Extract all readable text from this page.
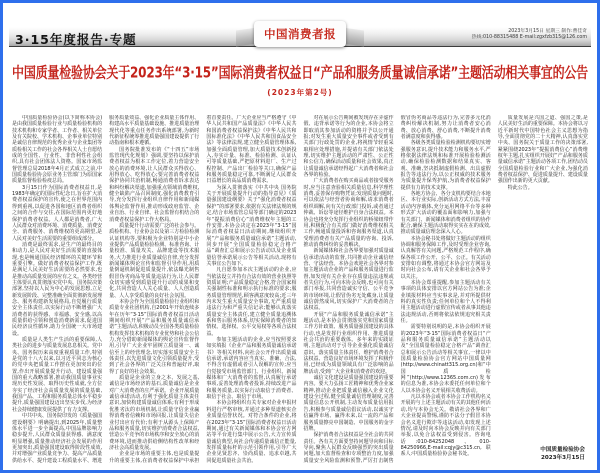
3·15年度报告·专题
2023年3月15日 星期三 制作:曹佳奇
热线:010-88315488 E-mail:zgxfzb315@126.com
中国消费者报
中国质量检验协会关于2023年“3·15”国际消费者权益日“产品和服务质量诚信承诺”主题活动相关事宜的公告
(2023年第2号)

中国质量检验协会(以下简称本协会)是由我国质量检验行业与质量检验机构的技术机构和专家学者、工作者、相关单位及有关院校、学术机构、企事业单位特别是诚信自律规范的优秀企业与企业集团等质检相关工作的社会各界相关人士自愿结成的全国性、行业性、非营利性社会组织,具有社会团体法人资格。国家市场监督管理总局2018年4月正式成立之前,中国质量检验协会原业务主管部门为原国家质量监督检验检疫总局。

3月15日作为国际消费者权益日,是1983年确定的国际性纪念日,旨在扩大消费者权益保护的宣传,使之在世界范围内得到重视,以促进各国和地区消费者组织之间的合作与交往,在国际范围内更好地保护消费者权益。人人都是消费者,广大人民群众对消费环境、消费质量、消费安全、消费服务、消费维权的更高期望,是人民对美好生活需要的重要组成部分。

消费是最终需求,是生产的最终目的和动力,是人民对美好生活需要的直接体现,也是畅通国民经济循环的关键环节和重要引擎。做好消费者权益保护工作,既是满足人民美好生活需要的必然要求,也是推动高质量发展的应有之义。各类经营主体要认真贯彻落实党中央、国务院决策部署,坚持以人民为中心的发展思想,立足新发展阶段、完整准确全面贯彻新发展理念、服务构建新发展格局,自觉履行质量安全主体责任,以实际行动不断增强广大消费者的获得感、幸福感、安全感,以高质量供给引领和创造消费新需求,促进国民经济良性循环,助力全国统一大市场建设。

质量是人类生产生活的重要保障,人类社会的进步与质量发展息息相关。党中央、国务院历来高度重视质量工作,特别是党的十八大以来,以习近平同志为核心的党中央把质量工作摆在更加突出的位置,作出开展质量提升行动、建设质量强国的重大战略部署,推动我国质量事业实现历史性发展、取得历史性成就,全方位夯实了经济社会高质量发展的质量基础,我国产品、工程和服务质量总体水平稳步提升,质量强国建设迈出坚实步伐,为经济社会持续健康发展提供了有力支撑。

中共中央、国务院印发的《质量强国建设纲要》明确提出,到2025年,质量整体水平进一步全面提高,中国品牌影响力稳步提升,人民群众质量获得感、满意度明显增强,质量推动经济社会发展的作用更加突出,质量强国建设取得阶段性成效,并对增强产业质量竞争力、提高产品质量供给水平、提升建设工程质量水平、增进服务质量效益、强化企业质量主体作用、构建高水平质量基础设施、推进质量治理现代化等重点任务作出系统部署,为新时代新征程统筹推进质量强国建设提供了行动指南和根本遵循。

国务院批准发布的《“十四五”市场监管现代化规划》强调,要坚持以保护消费者权益为根本工作定位,着力营造安全放心的消费环境,让人民群众买得放心、用得放心、吃得放心;要完善消费者权益保护协同共治机制,畅通消费者诉求表达和纠纷解决渠道,加强重点领域消费维权,健全缺陷产品召回制度,强化消费教育引导,充分发挥行业组织自律作用和新闻媒体舆论监督作用,推动形成政府监管、企业自治、行业自律、社会监督有机结合的消费者权益保护工作大格局。

质量提升行动需要广泛的社会参与。质检机构、行业协会以及第三方检验检测认证机构等,要积极为企业特别是中小企业提供产品质量检验检测、标准咨询、计量校准、质量攻关、品牌建设等技术服务,大力推进行业质量诚信自律,充分发挥新闻媒体舆论宣传和监督引导作用,用质量倒逼机制促进质量提升,依法曝光制售假冒伪劣商品等质量违法行为,让人民群众切实感受到质量提升行动的成果和变化,共同营造人人关心质量、人人创造质量、人人享受质量的良好社会氛围。

本协会作为全国质量检验行业组织和质量专业社团机构,自2001年开始连续多年在历年“3·15”国际消费者权益日活动期间组织开展“产品和服务质量诚信承诺”主题活动,积极动员全国各类质量检验机构发挥技术机构的专业优势和社会公信力,充分借助新闻媒体的舆论宣传监督作用,引导广大企业牢固树立质量第一、诚信至上的经营理念,切实落实质量安全主体责任,以先进质量文化引领质量提升,受到了社会各界的广泛关注和普遍好评,取得了良好的社会效果。

质量是企业的立身之本、发展之基,诚信是市场经济的基石,质量诚信是企业对广大消费者的庄严承诺。企业开展质量诚信承诺活动,有利于强化质量主体责任意识,加快构建质量诚信体系;有利于形成优胜劣汰的市场机制,让质量守信企业赢得消费者信赖和市场回报,让质量失信企业付出应有代价;有利于从源头上保障产品和服务质量,切实维护消费者合法权益,营造公平竞争的市场秩序和安全放心的消费环境,进而推动供给侧结构性改革和经济社会高质量发展。

企业是市场的重要主体,也是质量提升的重要主体,在消费者权益保护中承担着首要责任。广大企业应当严格遵守《中华人民共和国产品质量法》《中华人民共和国消费者权益保护法》《中华人民共和国标准化法》《中华人民共和国食品安全法》等法律法规,建立健全质量管理体系,加强全面质量管理,加大质量技术创新投入,夯实计量、标准、检验检测、认证认可等质量基础,严把原材料进厂、生产过程控制、产品出厂检验等关口,确保产品和服务质量稳定可靠,不断满足人民群众日益增长的高品质消费需求。

为深入贯彻落实《中共中央 国务院关于开展质量提升行动的指导意见》《质量强国建设纲要》关于“强化消费者权益保护”的部署要求,依据有关法律法规的规定,结合市场监管总局等部门确定的2023年“提振消费信心”消费维权年主题的工作安排,本协会决定在2023年“3·15”国际消费者权益日活动期间,继续组织开展“产品和服务质量诚信承诺”主题活动,同步开展“全国质量检验稳定合格产品”调查汇总和展示公告活动以及企业质量信誉承诺展示公告等相关活动,现将有关事宜公告如下。

凡自愿参加本次主题活动的企业,应当依法设立并持有合法有效的营业执照等资质证明;产品质量稳定合格,符合国家相关强制性标准和明示执行标准的要求;服务质量管理规范,顾客满意度较高;近三年内未发生重大质量安全事故,无严重质量违法行为和严重失信记录;能够认真落实质量安全主体责任,建立健全质量追溯体系和售后服务体系,切实保障消费者的知情权、选择权、公平交易权等各项合法权益。

参加主题活动的企业,应当按照要求如实填报《企业产品和服务质量诚信承诺书》等相关材料,向社会公开作出质量诚信承诺,承诺内容应当真实、准确、合法,不得含有虚假或者引人误解的宣传;应当自觉接受市场监管部门、行业组织、新闻媒体和广大消费者的监督,认真履行承诺事项,妥善处理消费者投诉,持续改进产品和服务质量,以实际行动取信于消费者、取信于社会、取信于市场。

本协会将组织有关专家对企业申报材料进行严格审核,并通过多种渠道核实企业质量信誉状况。对符合条件的企业,将在2023年“3·15”国际消费者权益日活动期间,通过有关新闻媒体和本协会官方网站等平台进行集中展示公告,大力宣传质量诚信典型,向社会传递质量诚信正能量,发挥质量标杆的示范引领作用,引导广大企业见贤思齐、崇尚质量、追求卓越,共同促进质量社会共治。

对在展示公告期间被发现存在弄虚作假、违背承诺等行为的企业,本协会将立即取消其参加活动的资格并予以公开通报;对发生重大质量安全事件或者受到有关部门行政处罚的企业,将视情节轻重采取相应处理措施,并提请有关部门依法处理,切实维护主题活动的严肃性、公正性和公信力,确保活动质量和社会效果,真正让质量诚信承诺经得起广大消费者和社会各界的检验。

广大消费者在购买商品或者接受服务时,应当注意查验相关质量信息,科学理性消费,妥善保存购物凭证;发现质量问题时,可以依法与经营者协商和解,请求消费者组织调解,向有关行政部门投诉,或者通过仲裁、诉讼等途径维护自身合法权益。本协会也将充分发挥行业组织的桥梁纽带作用,积极配合有关部门做好消费维权相关工作,畅通质量投诉和咨询服务渠道,认真受理消费者有关产品质量的咨询、投诉,推动消费纠纷的妥善解决。

新闻媒体和社会各界要加强对质量诚信承诺活动的监督,共同推动企业诚信经营、守法经营。本协会欢迎社会各界对参加主题活动企业的产品和服务质量进行监督,如发现有关企业存在质量违法违规或者失信行为,可向本协会反映,也可向有关部门举报,共同营造诚实守信、公平竞争的市场环境,让假冒伪劣无处藏身,让质量诚信蔚然成风,切实保护广大消费者的合法权益。

开展“产品和服务质量诚信承诺”主题活动,是本协会贯彻落实党和国家质量工作方针政策、服务质量强国建设的具体行动,也是发挥行业组织作用、推进质量社会共治的重要载体。多年来的实践证明,主题活动对于引导企业强化质量诚信意识、落实质量主体责任、维护消费者合法权益、营造良好市场环境发挥了积极作用,已经成为质量领域具有广泛影响的品牌活动,受到广大企业和消费者的欢迎。

诚信文化建设是质量强国建设的重要内容。要大力弘扬工匠精神和优秀企业家精神,推动企业把质量诚信融入企业文化建设全过程,健全质量诚信管理制度,完善质量信息公开机制,主动发布质量信用报告,积极参与质量诚信倡议活动,以诚实守信赢得市场、赢得未来,以一流的产品和服务质量擦亮中国制造、中国服务的金字招牌。

保护消费者合法权益是全社会的共同责任。各有关方面要坚持问题导向和目标导向,聚焦人民群众反映强烈的突出质量问题,加大监督检查和专项整治力度,加强质量安全风险监测和预警,严厉打击制售假冒伪劣商品等违法行为,完善多元化消费纠纷解决机制,努力让消费者安心消费、放心消费、舒心消费,不断提升消费者满意度和获得感。

各级各类质量检验检测机构要切实增强服务意识,提升技术能力和服务水平,严格依据法律法规和标准开展检验检测活动,确保检验检测数据和结果真实、客观、准确,坚决抵制虚假检测、出具虚假报告等违法行为,以公正权威的技术服务为质量提升保驾护航,为消费者权益保护提供有力的技术支撑。

各地方协会、各分支机构要结合本地区、本行业实际,创新活动方式方法,丰富活动内容载体,充分运用网络平台等多种形式扩大活动的覆盖面和影响力,加强与有关部门、新闻媒体和消费者组织的协作配合,确保主题活动取得实实在在的成效,推动质量诚信理念深入人心。

本协会秘书处将做好主题活动的组织协调和服务保障工作,及时受理企业咨询,认真解答有关问题,严格规范工作程序,确保各项工作公开、公平、公正。有关活动安排如有调整,将通过本协会官方网站及时向社会公布,请有关企业和社会各界予以关注。

本协会郑重提醒,参加主题活动有关事项的具体安排以官方网站公告为准;企业填报材料应当实事求是,并对所提供材料的真实性负责;任何单位和个人不得利用主题活动进行虚假宣传或者从事其他违法违规活动,否则将依法依规追究相关责任。

需要特别说明的是,本协会组织开展的2023年“3·15”国际消费者权益日“产品和服务质量诚信承诺”主题活动以及“全国质量检验稳定合格产品”调查汇总和展示公告活动等相关事宜,一律以中国质量检验协会官方网站中国质量网(http://www.chinatt315.org.cn)和“中国质检网”(http://www.12365.com.cn)发布的信息为准,本协会未委托任何单位和个人以本协会名义开展相关收费活动。

凡以本协会或者本协会工作机构名义开展的与上述主题活动有关的其他任何活动,均与本协会无关。敬请社会各界和广大企业提高警惕,谨防不法分子假冒本协会名义进行欺诈等违法活动,如发现上述情况,请及时向本协会反映并向有关部门举报,以免合法权益受到侵害。咨询电话:010-84252048、010-84250966,E-mail:cqjy@c315.cn,联系人:中国质量检验协会秘书处。

质量发展是兴国之道、强国之策,是人民美好生活的重要保障。本协会将以习近平新时代中国特色社会主义思想为指导,全面贯彻党的二十大精神,认真落实党中央、国务院关于质量工作的决策部署,紧紧围绕2023年“提振消费信心”消费维权年主题,扎实组织开展好“产品和服务质量诚信承诺”主题活动各项工作,团结动员全国质量检验行业和广大企业,为强化消费者权益保护、促进质量提升、建设质量强国作出新的更大贡献。

特此公告。

中国质量检验协会
2023年3月15日
